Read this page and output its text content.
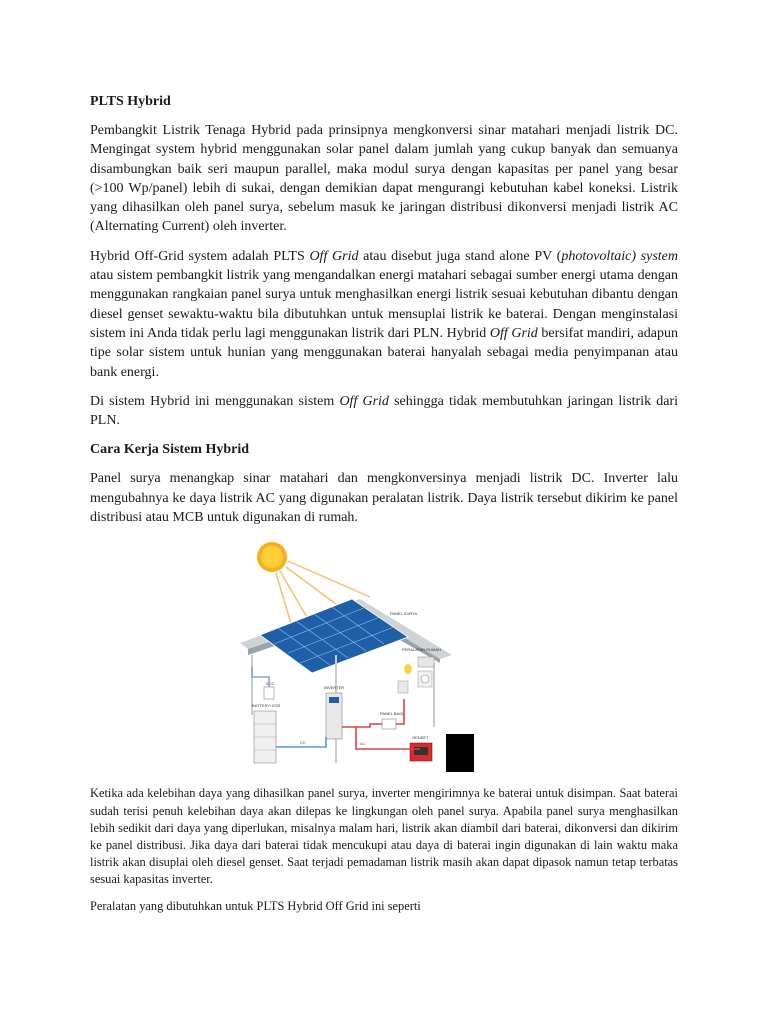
PLTS Hybrid

Pembangkit Listrik Tenaga Hybrid pada prinsipnya mengkonversi sinar matahari menjadi listrik DC. Mengingat system hybrid menggunakan solar panel dalam jumlah yang cukup banyak dan semuanya disambungkan baik seri maupun parallel, maka modul surya dengan kapasitas per panel yang besar (>100 Wp/panel) lebih di sukai, dengan demikian dapat mengurangi kebutuhan kabel koneksi. Listrik yang dihasilkan oleh panel surya, sebelum masuk ke jaringan distribusi dikonversi menjadi listrik AC (Alternating Current) oleh inverter.

Hybrid Off-Grid system adalah PLTS Off Grid atau disebut juga stand alone PV (photovoltaic) system atau sistem pembangkit listrik yang mengandalkan energi matahari sebagai sumber energi utama dengan menggunakan rangkaian panel surya untuk menghasilkan energi listrik sesuai kebutuhan dibantu dengan diesel genset sewaktu-waktu bila dibutuhkan untuk mensuplai listrik ke baterai. Dengan menginstalasi sistem ini Anda tidak perlu lagi menggunakan listrik dari PLN. Hybrid Off Grid bersifat mandiri, adapun tipe solar sistem untuk hunian yang menggunakan baterai hanyalah sebagai media penyimpanan atau bank energi.

Di sistem Hybrid ini menggunakan sistem Off Grid sehingga tidak membutuhkan jaringan listrik dari PLN.

Cara Kerja Sistem Hybrid

Panel surya menangkap sinar matahari dan mengkonversinya menjadi listrik DC. Inverter lalu mengubahnya ke daya listrik AC yang digunakan peralatan listrik. Daya listrik tersebut dikirim ke panel distribusi atau MCB untuk digunakan di rumah.

PANEL SURYA
PERALATAN RUMAH
SCC
BATTERY/ ESS
INVERTER
PANEL BAGI
GENSET
DC	AC

Ketika ada kelebihan daya yang dihasilkan panel surya, inverter mengirimnya ke baterai untuk disimpan. Saat baterai sudah terisi penuh kelebihan daya akan dilepas ke lingkungan oleh panel surya. Apabila panel surya menghasilkan lebih sedikit dari daya yang diperlukan, misalnya malam hari, listrik akan diambil dari baterai, dikonversi dan dikirim ke panel distribusi. Jika daya dari baterai tidak mencukupi atau daya di baterai ingin digunakan di lain waktu maka listrik akan disuplai oleh diesel genset. Saat terjadi pemadaman listrik masih akan dapat dipasok namun tetap terbatas sesuai kapasitas inverter.

Peralatan yang dibutuhkan untuk PLTS Hybrid Off Grid ini seperti
